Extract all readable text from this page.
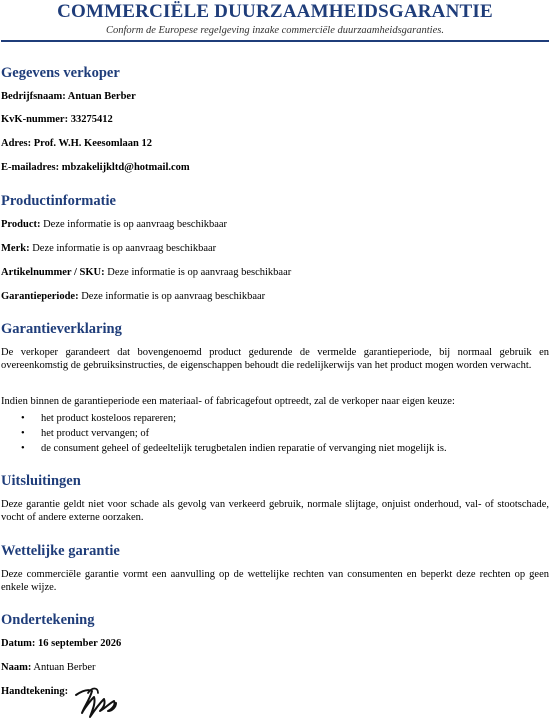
COMMERCIËLE DUURZAAMHEIDSGARANTIE
Conform de Europese regelgeving inzake commerciële duurzaamheidsgaranties.
Gegevens verkoper
Bedrijfsnaam: Antuan Berber
KvK-nummer: 33275412
Adres: Prof. W.H. Keesomlaan 12
E-mailadres: mbzakelijkltd@hotmail.com
Productinformatie
Product: Deze informatie is op aanvraag beschikbaar
Merk: Deze informatie is op aanvraag beschikbaar
Artikelnummer / SKU: Deze informatie is op aanvraag beschikbaar
Garantieperiode: Deze informatie is op aanvraag beschikbaar
Garantieverklaring

De verkoper garandeert dat bovengenoemd product gedurende de vermelde garantieperiode, bij normaal gebruik en overeenkomstig de gebruiksinstructies, de eigenschappen behoudt die redelijkerwijs van het product mogen worden verwacht.

Indien binnen de garantieperiode een materiaal- of fabricagefout optreedt, zal de verkoper naar eigen keuze:

• het product kosteloos repareren;
• het product vervangen; of
• de consument geheel of gedeeltelijk terugbetalen indien reparatie of vervanging niet mogelijk is.
Uitsluitingen

Deze garantie geldt niet voor schade als gevolg van verkeerd gebruik, normale slijtage, onjuist onderhoud, val- of stootschade, vocht of andere externe oorzaken.

Wettelijke garantie

Deze commerciële garantie vormt een aanvulling op de wettelijke rechten van consumenten en beperkt deze rechten op geen enkele wijze.

Ondertekening
Datum: 16 september 2026
Naam: Antuan Berber
Handtekening:
